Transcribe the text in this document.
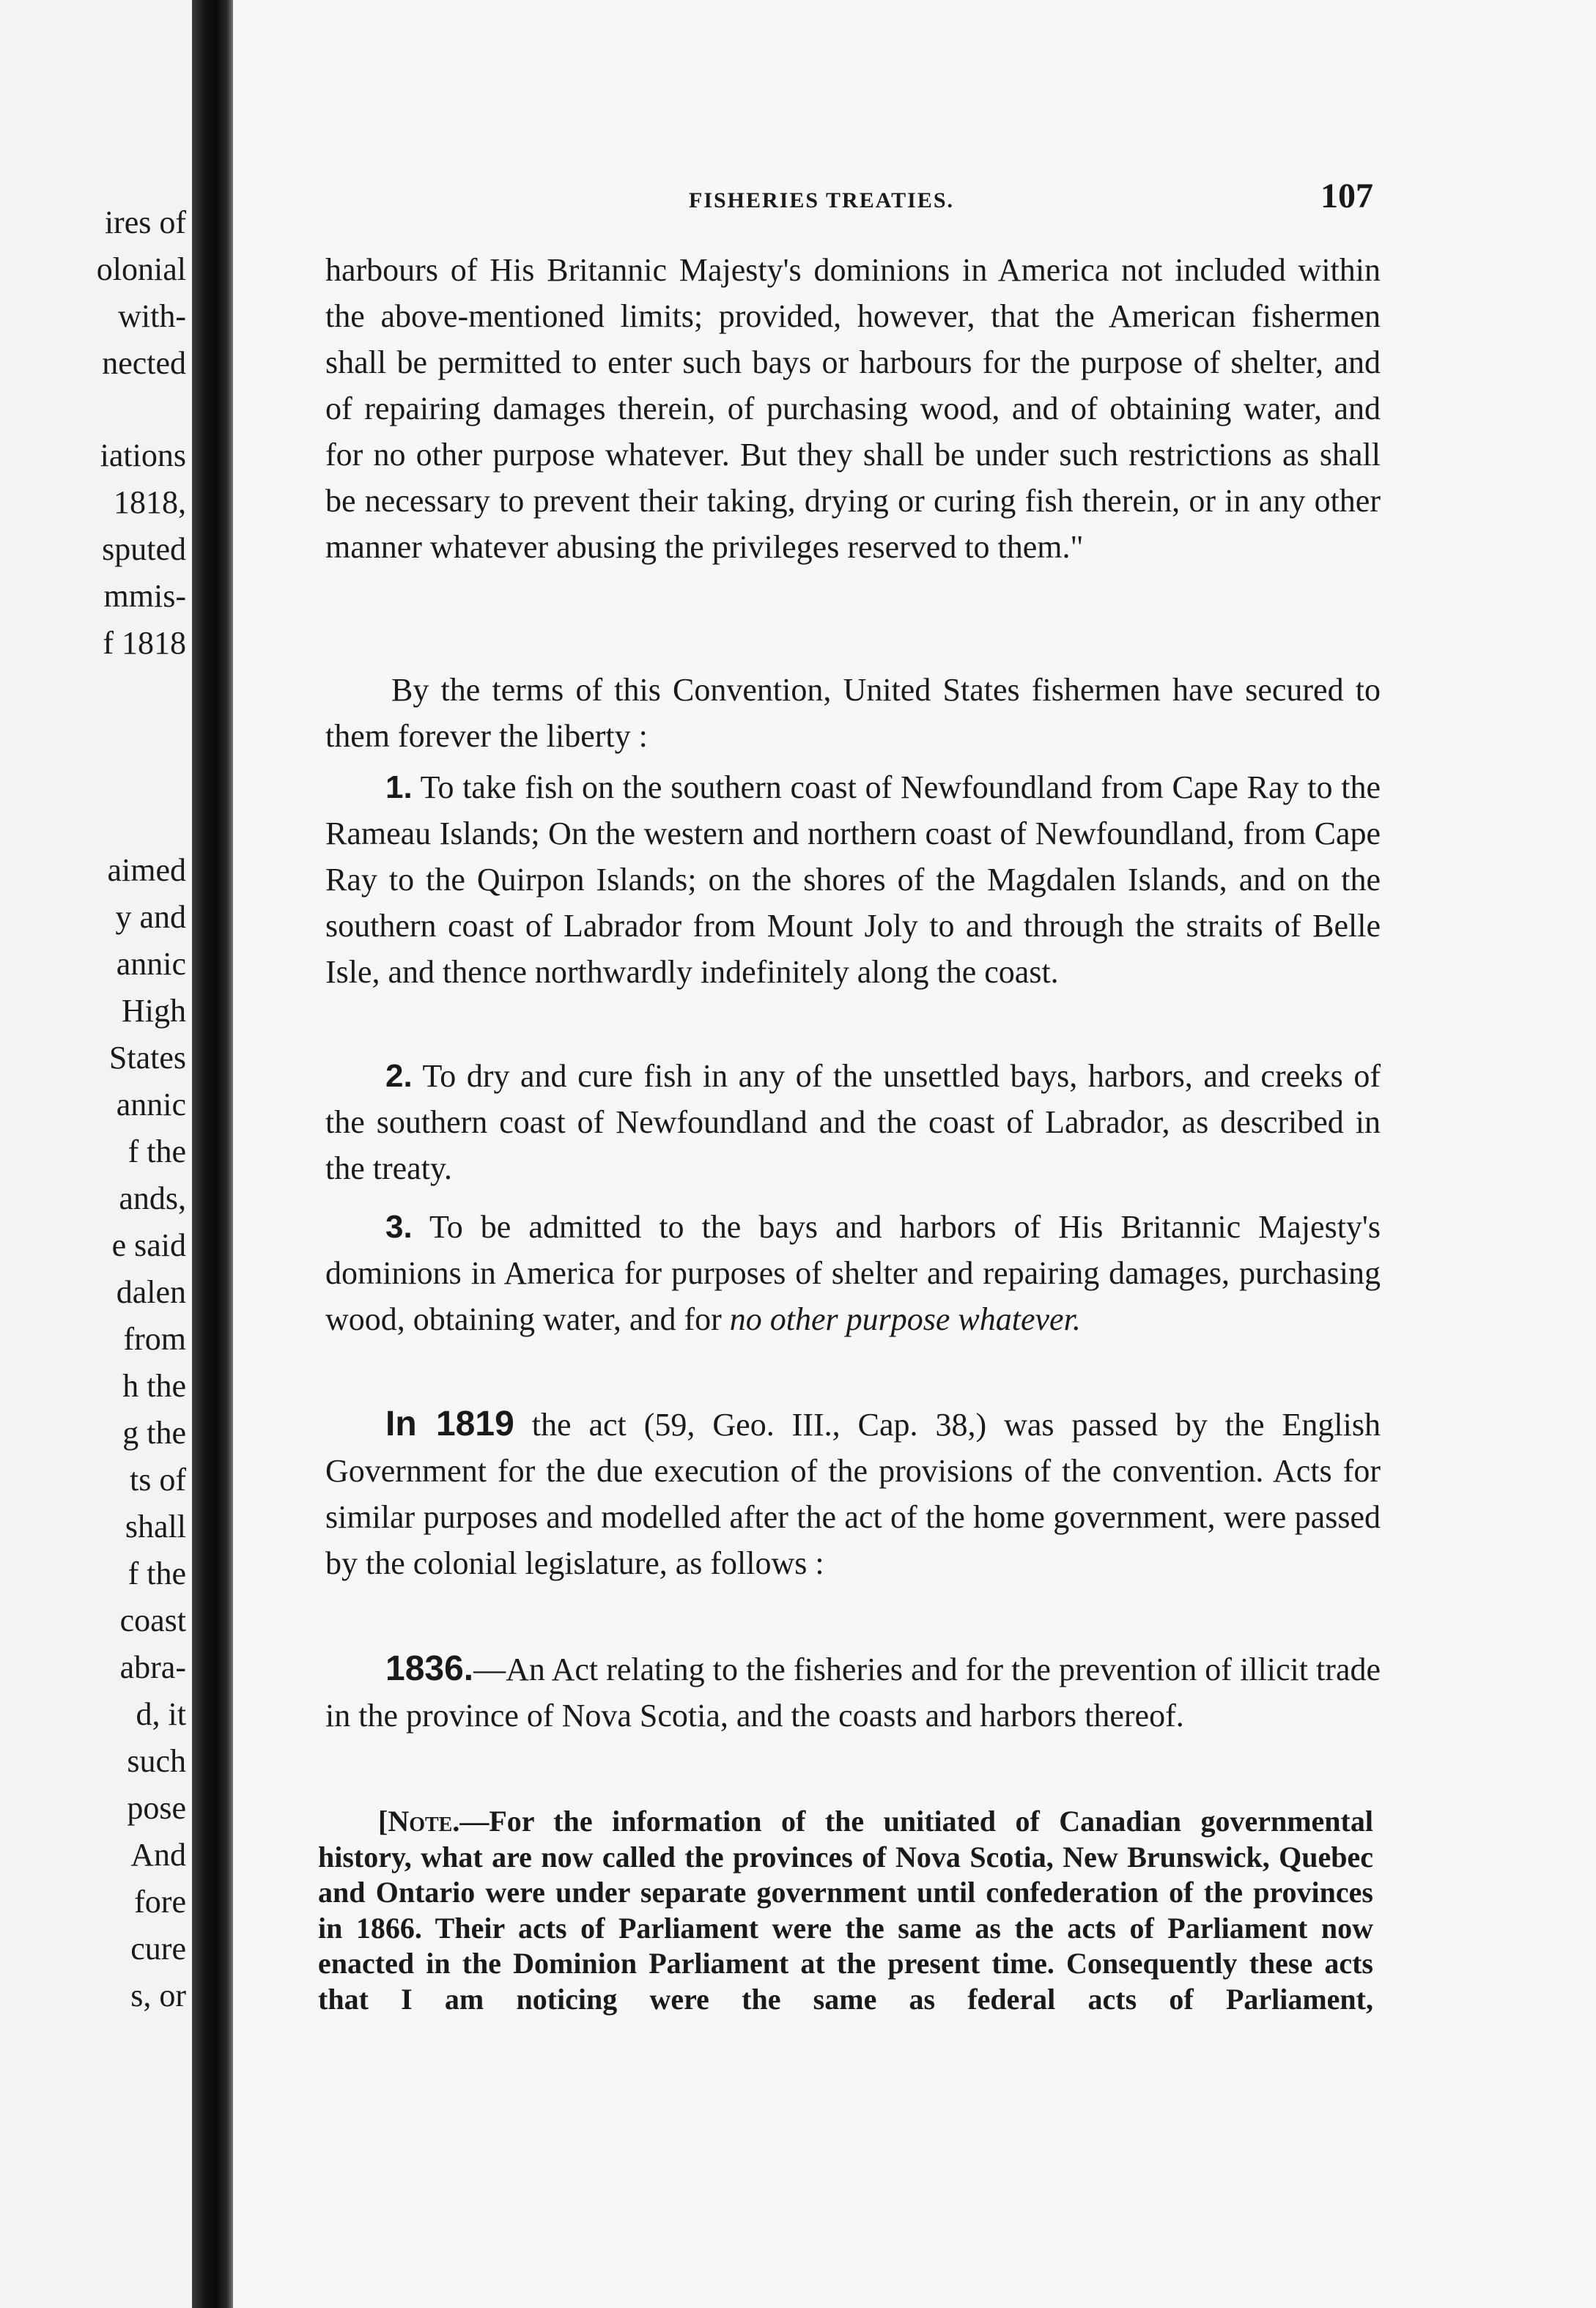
ires of
olonial
with-
nected
iations
1818,
sputed
mmis-
f 1818
aimed
y and
annic
High
States
annic
f the
ands,
e said
dalen
from
h the
g the
ts of
shall
f the
coast
abra-
d, it
such
pose
And
fore
cure
s, or
FISHERIES TREATIES.	107

harbours of His Britannic Majesty's dominions in America not included within the above-mentioned limits; provided, however, that the American fishermen shall be permitted to enter such bays or harbours for the purpose of shelter, and of repairing damages therein, of purchasing wood, and of obtaining water, and for no other purpose whatever. But they shall be under such restrictions as shall be necessary to prevent their taking, drying or curing fish therein, or in any other manner whatever abusing the privileges reserved to them."

By the terms of this Convention, United States fishermen have secured to them forever the liberty :

1. To take fish on the southern coast of Newfoundland from Cape Ray to the Rameau Islands; On the western and northern coast of Newfoundland, from Cape Ray to the Quirpon Islands; on the shores of the Magdalen Islands, and on the southern coast of Labrador from Mount Joly to and through the straits of Belle Isle, and thence northwardly indefinitely along the coast.

2. To dry and cure fish in any of the unsettled bays, harbors, and creeks of the southern coast of Newfoundland and the coast of Labrador, as described in the treaty.

3. To be admitted to the bays and harbors of His Britannic Majesty's dominions in America for purposes of shelter and repairing damages, purchasing wood, obtaining water, and for no other purpose whatever.

In 1819 the act (59, Geo. III., Cap. 38,) was passed by the English Government for the due execution of the provisions of the convention. Acts for similar purposes and modelled after the act of the home government, were passed by the colonial legislature, as follows :

1836.—An Act relating to the fisheries and for the prevention of illicit trade in the province of Nova Scotia, and the coasts and harbors thereof.

[Note.—For the information of the unitiated of Canadian governmental history, what are now called the provinces of Nova Scotia, New Brunswick, Quebec and Ontario were under separate government until confederation of the provinces in 1866. Their acts of Parliament were the same as the acts of Parliament now enacted in the Dominion Parliament at the present time. Consequently these acts that I am noticing were the same as federal acts of Parliament,
